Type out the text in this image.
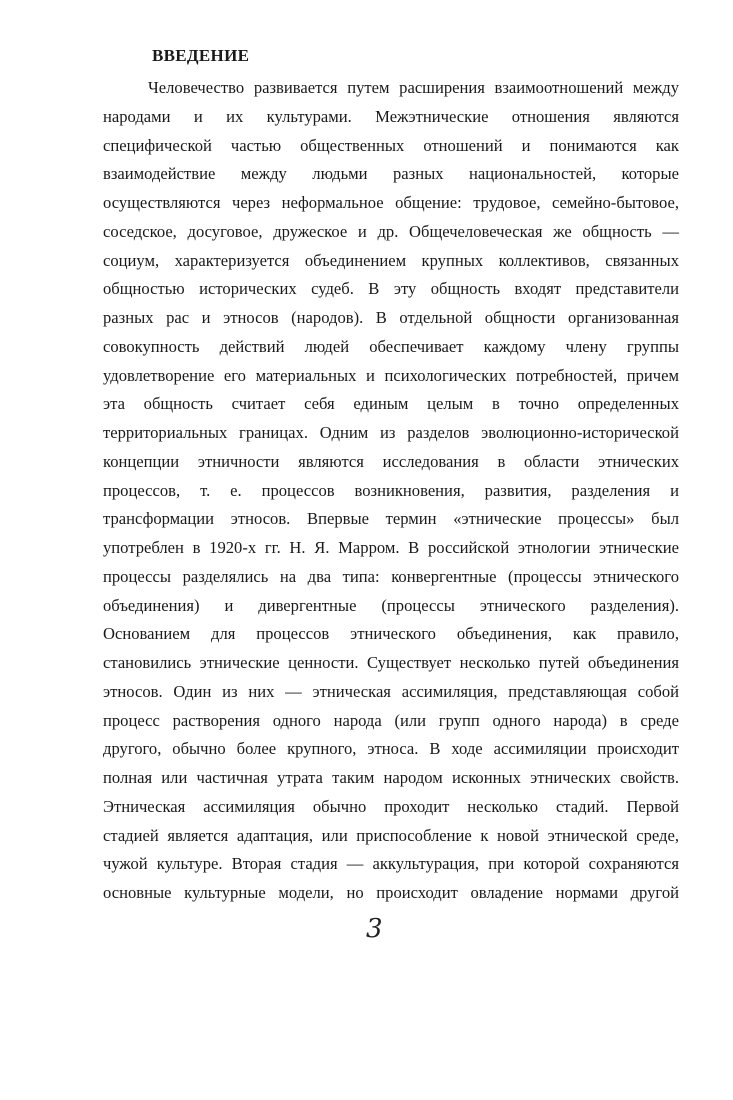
ВВЕДЕНИЕ
Человечество развивается путем расширения взаимоотношений между
народами и их культурами. Межэтнические отношения являются
специфической частью общественных отношений и понимаются как
взаимодействие между людьми разных национальностей, которые
осуществляются через неформальное общение: трудовое, семейно-бытовое,
соседское, досуговое, дружеское и др. Общечеловеческая же общность —
социум, характеризуется объединением крупных коллективов, связанных
общностью исторических судеб. В эту общность входят представители
разных рас и этносов (народов). В отдельной общности организованная
совокупность действий людей обеспечивает каждому члену группы
удовлетворение его материальных и психологических потребностей, причем
эта общность считает себя единым целым в точно определенных
территориальных границах. Одним из разделов эволюционно-исторической
концепции этничности являются исследования в области этнических
процессов, т. е. процессов возникновения, развития, разделения и
трансформации этносов. Впервые термин «этнические процессы» был
употреблен в 1920-х гг. Н. Я. Марром. В российской этнологии этнические
процессы разделялись на два типа: конвергентные (процессы этнического
объединения) и дивергентные (процессы этнического разделения).
Основанием для процессов этнического объединения, как правило,
становились этнические ценности. Существует несколько путей объединения
этносов. Один из них — этническая ассимиляция, представляющая собой
процесс растворения одного народа (или групп одного народа) в среде
другого, обычно более крупного, этноса. В ходе ассимиляции происходит
полная или частичная утрата таким народом исконных этнических свойств.
Этническая ассимиляция обычно проходит несколько стадий. Первой
стадией является адаптация, или приспособление к новой этнической среде,
чужой культуре. Вторая стадия — аккультурация, при которой сохраняются
основные культурные модели, но происходит овладение нормами другой
3
